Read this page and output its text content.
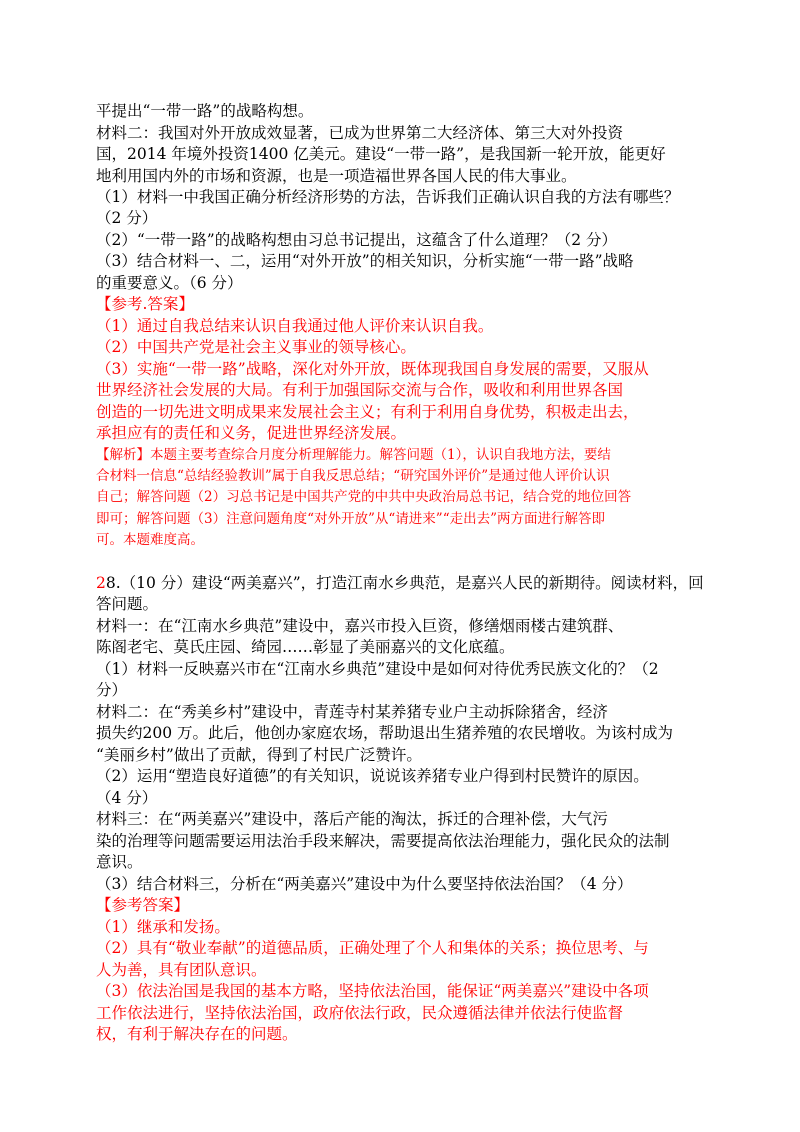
平提出“一带一路”的战略构想。
材料二：我国对外开放成效显著，已成为世界第二大经济体、第三大对外投资
国，2014 年境外投资1400 亿美元。建设“一带一路”，是我国新一轮开放，能更好
地利用国内外的市场和资源，也是一项造福世界各国人民的伟大事业。
（1）材料一中我国正确分析经济形势的方法，告诉我们正确认识自我的方法有哪些？
（2 分）
（2）“一带一路”的战略构想由习总书记提出，这蕴含了什么道理？（2 分）
（3）结合材料一、二，运用“对外开放”的相关知识，分析实施“一带一路”战略
的重要意义。（6 分）
【参考.答案】
（1）通过自我总结来认识自我通过他人评价来认识自我。
（2）中国共产党是社会主义事业的领导核心。
（3）实施“一带一路”战略，深化对外开放，既体现我国自身发展的需要，又服从
世界经济社会发展的大局。有利于加强国际交流与合作，吸收和利用世界各国
创造的一切先进文明成果来发展社会主义；有利于利用自身优势，积极走出去，
承担应有的责任和义务，促进世界经济发展。
【解析】本题主要考查综合月度分析理解能力。解答问题（1），认识自我地方法，要结
合材料一信息“总结经验教训”属于自我反思总结；“研究国外评价”是通过他人评价认识
自己；解答问题（2）习总书记是中国共产党的中共中央政治局总书记，结合党的地位回答
即可；解答问题（3）注意问题角度“对外开放”从“请进来”“走出去”两方面进行解答即
可。本题难度高。
28.（10 分）建设“两美嘉兴”，打造江南水乡典范，是嘉兴人民的新期待。阅读材料，回
答问题。
材料一：在“江南水乡典范”建设中，嘉兴市投入巨资，修缮烟雨楼古建筑群、
陈阁老宅、莫氏庄园、绮园……彰显了美丽嘉兴的文化底蕴。
（1）材料一反映嘉兴市在“江南水乡典范”建设中是如何对待优秀民族文化的？（2
分）
材料二：在“秀美乡村”建设中，青莲寺村某养猪专业户主动拆除猪舍，经济
损失约200 万。此后，他创办家庭农场，帮助退出生猪养殖的农民增收。为该村成为
“美丽乡村”做出了贡献，得到了村民广泛赞许。
（2）运用“塑造良好道德”的有关知识，说说该养猪专业户得到村民赞许的原因。
（4 分）
材料三：在“两美嘉兴”建设中，落后产能的淘汰，拆迁的合理补偿，大气污
染的治理等问题需要运用法治手段来解决，需要提高依法治理能力，强化民众的法制
意识。
（3）结合材料三，分析在“两美嘉兴”建设中为什么要坚持依法治国？（4 分）
【参考答案】
（1）继承和发扬。
（2）具有“敬业奉献”的道德品质，正确处理了个人和集体的关系；换位思考、与
人为善，具有团队意识。
（3）依法治国是我国的基本方略，坚持依法治国，能保证“两美嘉兴”建设中各项
工作依法进行，坚持依法治国，政府依法行政，民众遵循法律并依法行使监督
权，有利于解决存在的问题。
